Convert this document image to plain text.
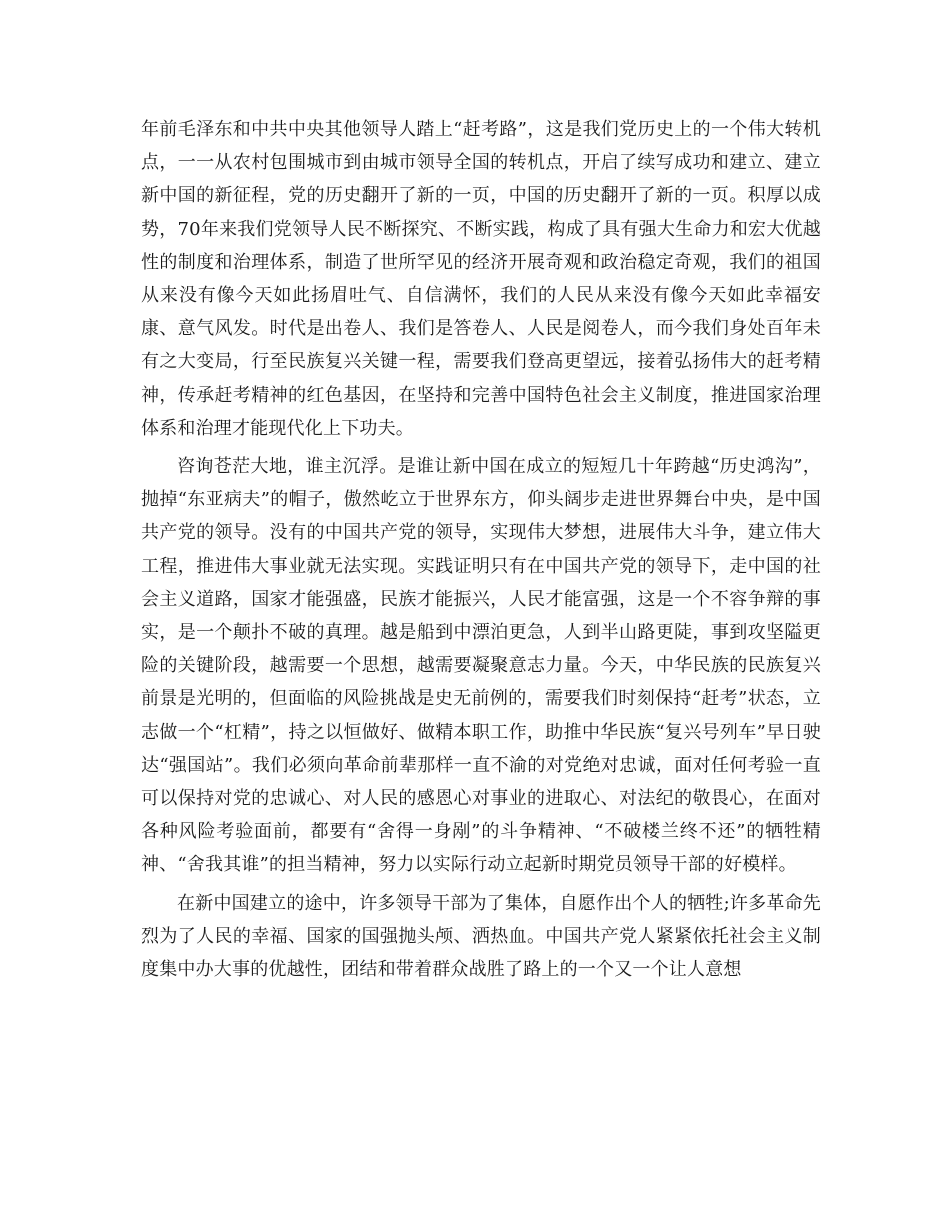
年前毛泽东和中共中央其他领导人踏上“赶考路”，这是我们党历史上的一个伟大转机点，一一从农村包围城市到由城市领导全国的转机点，开启了续写成功和建立、建立新中国的新征程，党的历史翻开了新的一页，中国的历史翻开了新的一页。积厚以成势，70年来我们党领导人民不断探究、不断实践，构成了具有强大生命力和宏大优越性的制度和治理体系，制造了世所罕见的经济开展奇观和政治稳定奇观，我们的祖国从来没有像今天如此扬眉吐气、自信满怀，我们的人民从来没有像今天如此幸福安康、意气风发。时代是出卷人、我们是答卷人、人民是阅卷人，而今我们身处百年未有之大变局，行至民族复兴关键一程，需要我们登高更望远，接着弘扬伟大的赶考精神，传承赶考精神的红色基因，在坚持和完善中国特色社会主义制度，推进国家治理体系和治理才能现代化上下功夫。

咨询苍茫大地，谁主沉浮。是谁让新中国在成立的短短几十年跨越“历史鸿沟”，抛掉“东亚病夫”的帽子，傲然屹立于世界东方，仰头阔步走进世界舞台中央，是中国共产党的领导。没有的中国共产党的领导，实现伟大梦想，进展伟大斗争，建立伟大工程，推进伟大事业就无法实现。实践证明只有在中国共产党的领导下，走中国的社会主义道路，国家才能强盛，民族才能振兴，人民才能富强，这是一个不容争辩的事实，是一个颠扑不破的真理。越是船到中漂泊更急，人到半山路更陡，事到攻坚隘更险的关键阶段，越需要一个思想，越需要凝聚意志力量。今天，中华民族的民族复兴前景是光明的，但面临的风险挑战是史无前例的，需要我们时刻保持“赶考”状态，立志做一个“杠精”，持之以恒做好、做精本职工作，助推中华民族“复兴号列车”早日驶达“强国站”。我们必须向革命前辈那样一直不渝的对党绝对忠诚，面对任何考验一直可以保持对党的忠诚心、对人民的感恩心对事业的进取心、对法纪的敬畏心，在面对各种风险考验面前，都要有“舍得一身剐”的斗争精神、“不破楼兰终不还”的牺牲精神、“舍我其谁”的担当精神，努力以实际行动立起新时期党员领导干部的好模样。

在新中国建立的途中，许多领导干部为了集体，自愿作出个人的牺牲;许多革命先烈为了人民的幸福、国家的国强抛头颅、洒热血。中国共产党人紧紧依托社会主义制度集中办大事的优越性，团结和带着群众战胜了路上的一个又一个让人意想
